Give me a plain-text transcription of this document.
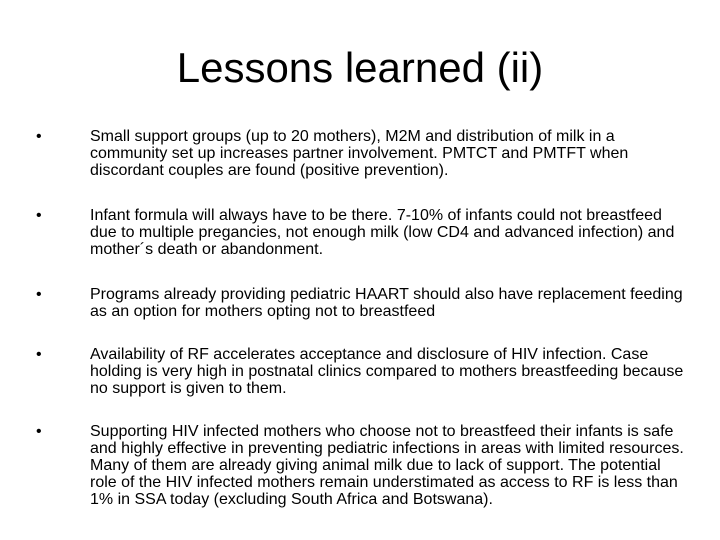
Lessons learned (ii)
•	Small support groups (up to 20 mothers), M2M and distribution of milk in a community set up increases partner involvement. PMTCT and PMTFT when discordant couples are found (positive prevention).

•	Infant formula will always have to be there. 7-10% of infants could not breastfeed due to multiple pregancies, not enough milk (low CD4 and advanced infection) and mother´s death or abandonment.

•	Programs already providing pediatric HAART should also have replacement feeding as an option for mothers opting not to breastfeed

•	Availability of RF accelerates acceptance and disclosure of HIV infection. Case holding is very high in postnatal clinics compared to mothers breastfeeding because no support is given to them.

•	Supporting HIV infected mothers who choose not to breastfeed their infants is safe and highly effective in preventing pediatric infections in areas with limited resources. Many of them are already giving animal milk due to lack of support. The potential role of the HIV infected mothers remain understimated as access to RF is less than 1% in SSA today (excluding South Africa and Botswana).
